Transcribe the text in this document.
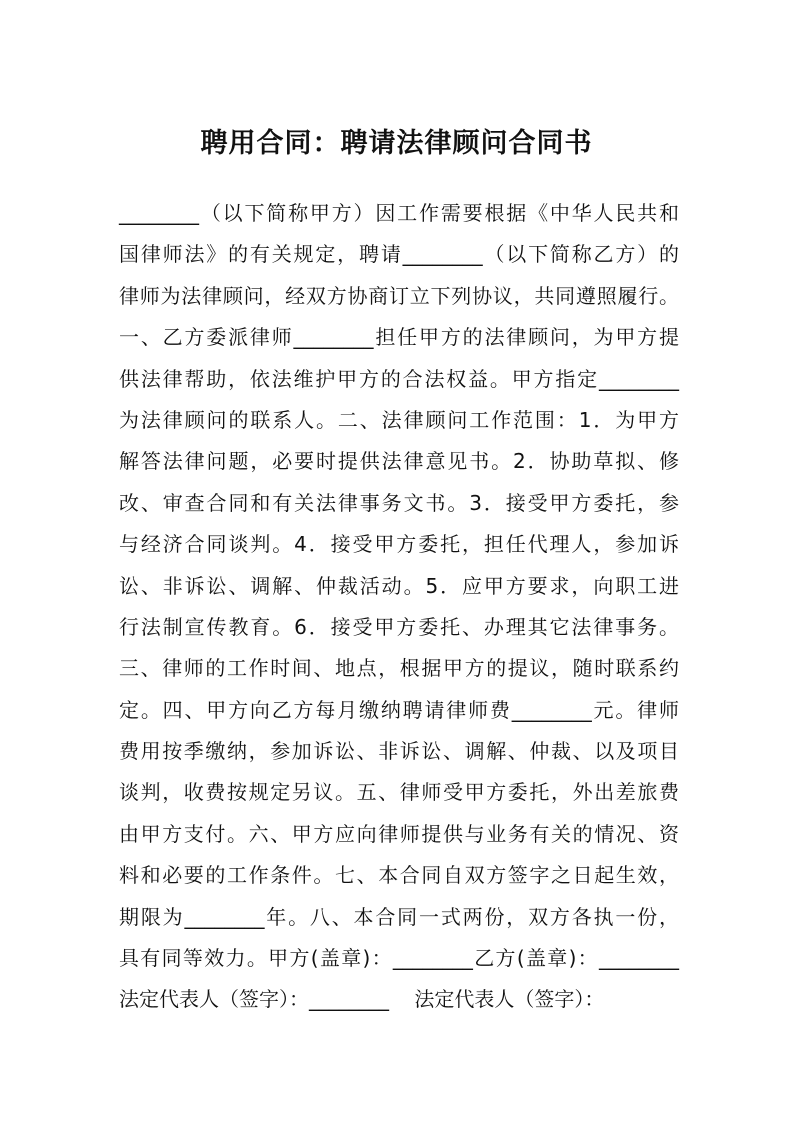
聘用合同：聘请法律顾问合同书
________（以下简称甲方）因工作需要根据《中华人民共和
国律师法》的有关规定，聘请________（以下简称乙方）的
律师为法律顾问，经双方协商订立下列协议，共同遵照履行。
一、乙方委派律师________担任甲方的法律顾问，为甲方提
供法律帮助，依法维护甲方的合法权益。甲方指定________
为法律顾问的联系人。二、法律顾问工作范围：1．为甲方
解答法律问题，必要时提供法律意见书。2．协助草拟、修
改、审查合同和有关法律事务文书。3．接受甲方委托，参
与经济合同谈判。4．接受甲方委托，担任代理人，参加诉
讼、非诉讼、调解、仲裁活动。5．应甲方要求，向职工进
行法制宣传教育。6．接受甲方委托、办理其它法律事务。
三、律师的工作时间、地点，根据甲方的提议，随时联系约
定。四、甲方向乙方每月缴纳聘请律师费________元。律师
费用按季缴纳，参加诉讼、非诉讼、调解、仲裁、以及项目
谈判，收费按规定另议。五、律师受甲方委托，外出差旅费
由甲方支付。六、甲方应向律师提供与业务有关的情况、资
料和必要的工作条件。七、本合同自双方签字之日起生效，
期限为________年。八、本合同一式两份，双方各执一份，
具有同等效力。甲方(盖章)：________乙方(盖章)：________
法定代表人（签字）：________    法定代表人（签字）：
